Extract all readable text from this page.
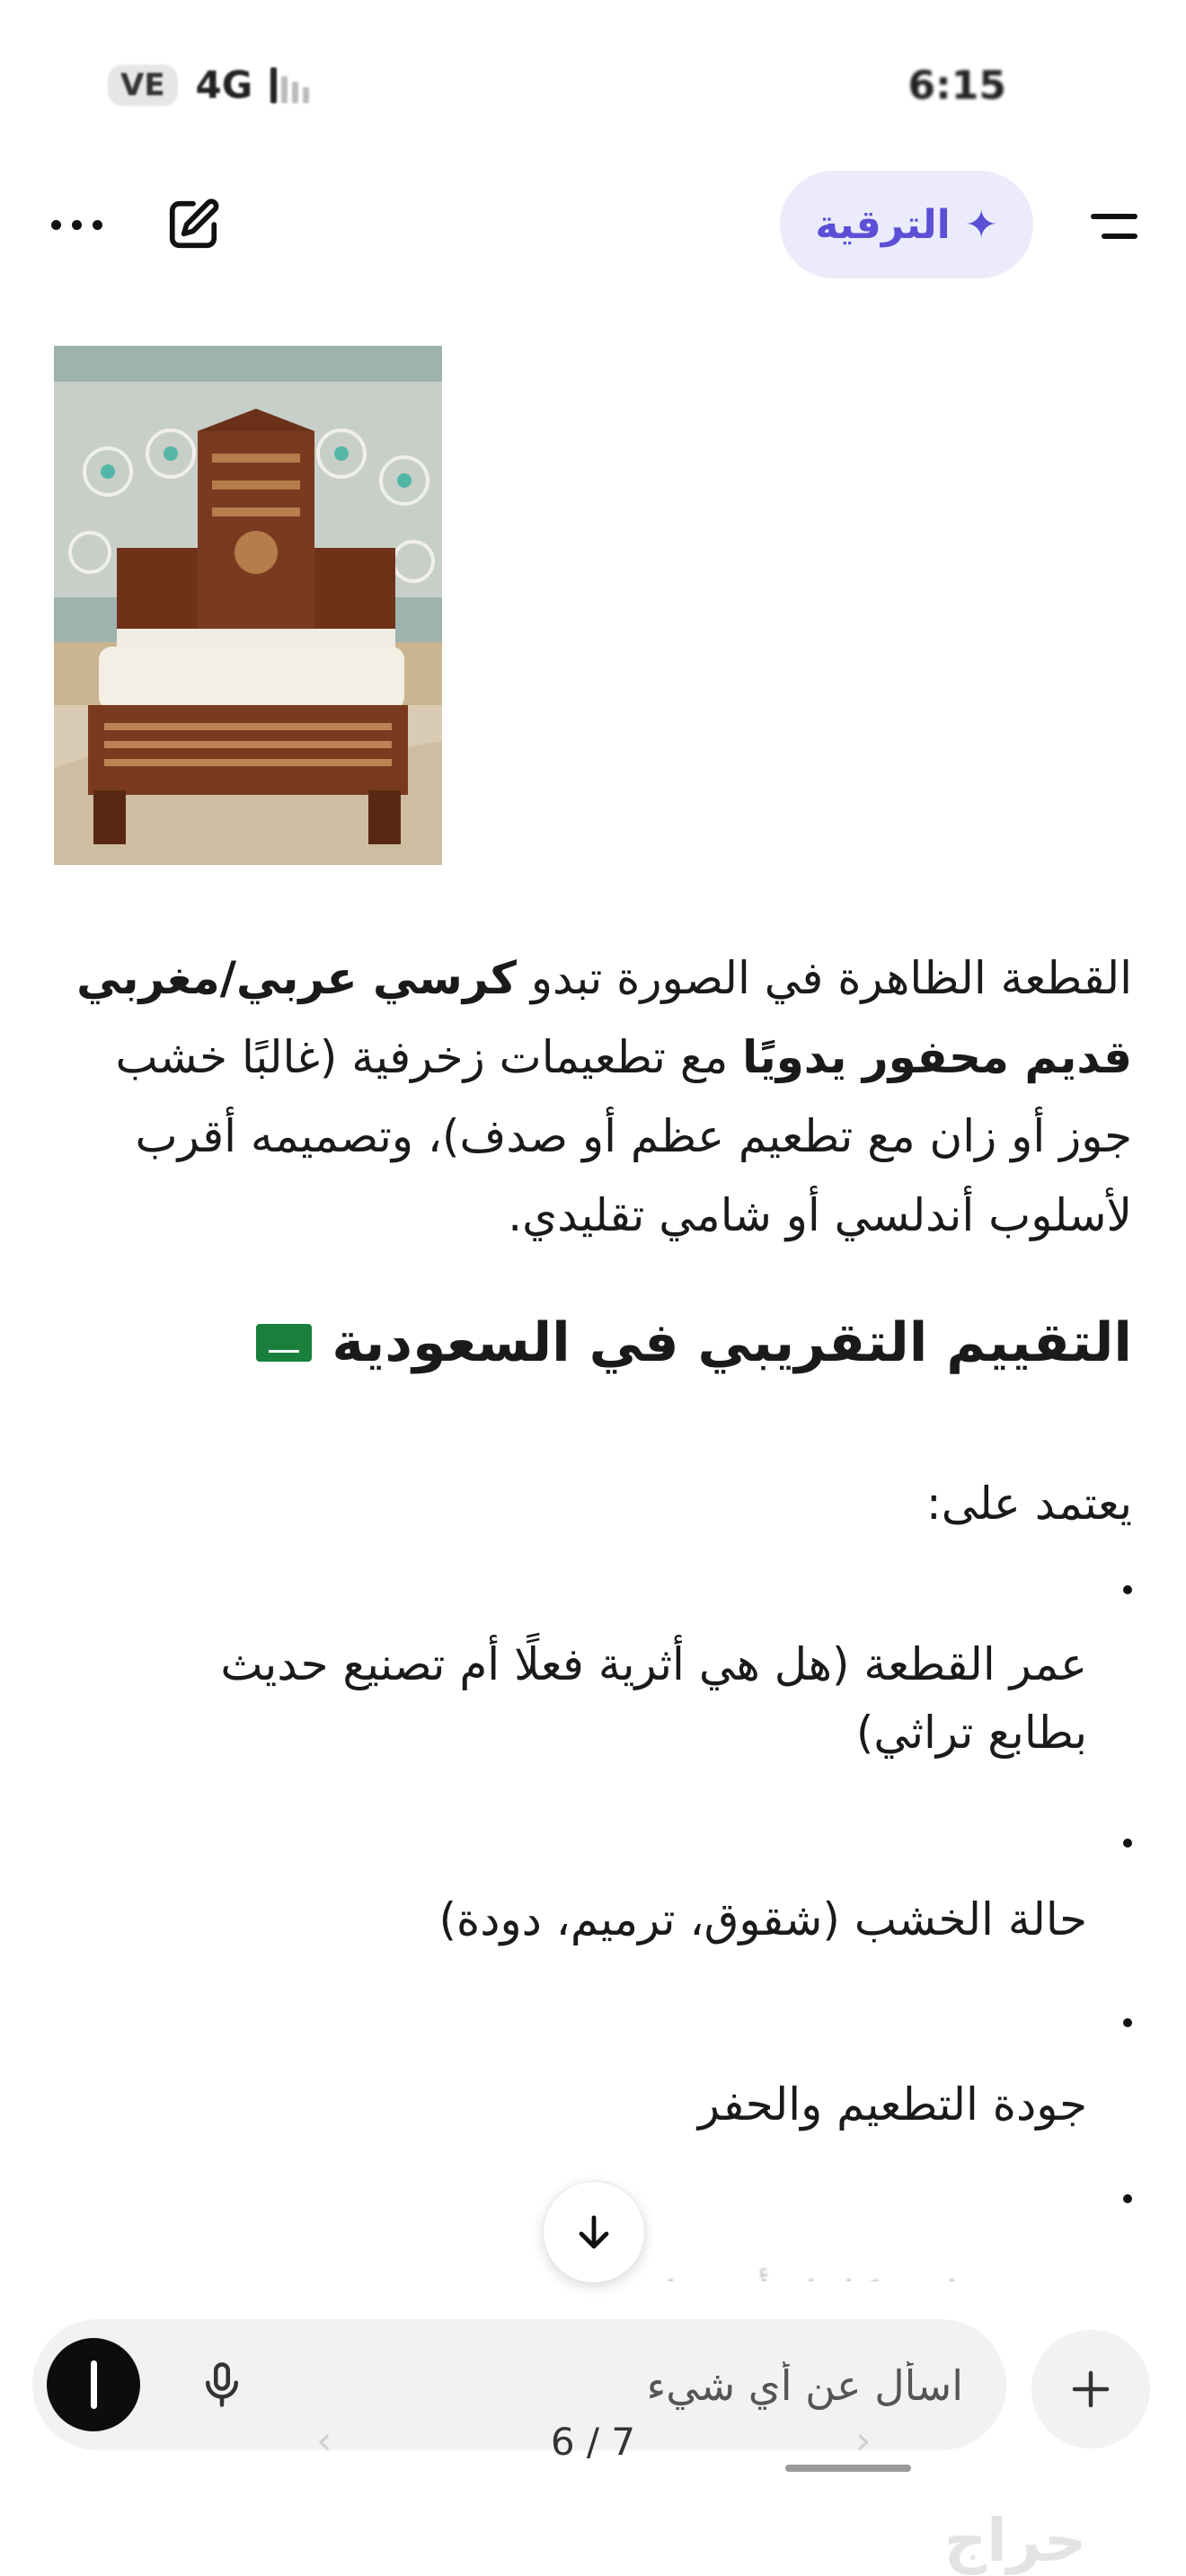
VE 4G	6:15
✦
الترقية

القطعة الظاهرة في الصورة تبدو كرسي عربي/مغربي قديم محفور يدويًا مع تطعيمات زخرفية (غالبًا خشب جوز أو زان مع تطعيم عظم أو صدف)، وتصميمه أقرب لأسلوب أندلسي أو شامي تقليدي.

التقييم التقريبي في السعودية

يعتمد على:

عمر القطعة (هل هي أثرية فعلًا أم تصنيع حديث بطابع تراثي)
حالة الخشب (شقوق، ترميم، دودة)
جودة التطعيم والحفر
اسأل عن أي شيء
‹	6 / 7	›
حراج
